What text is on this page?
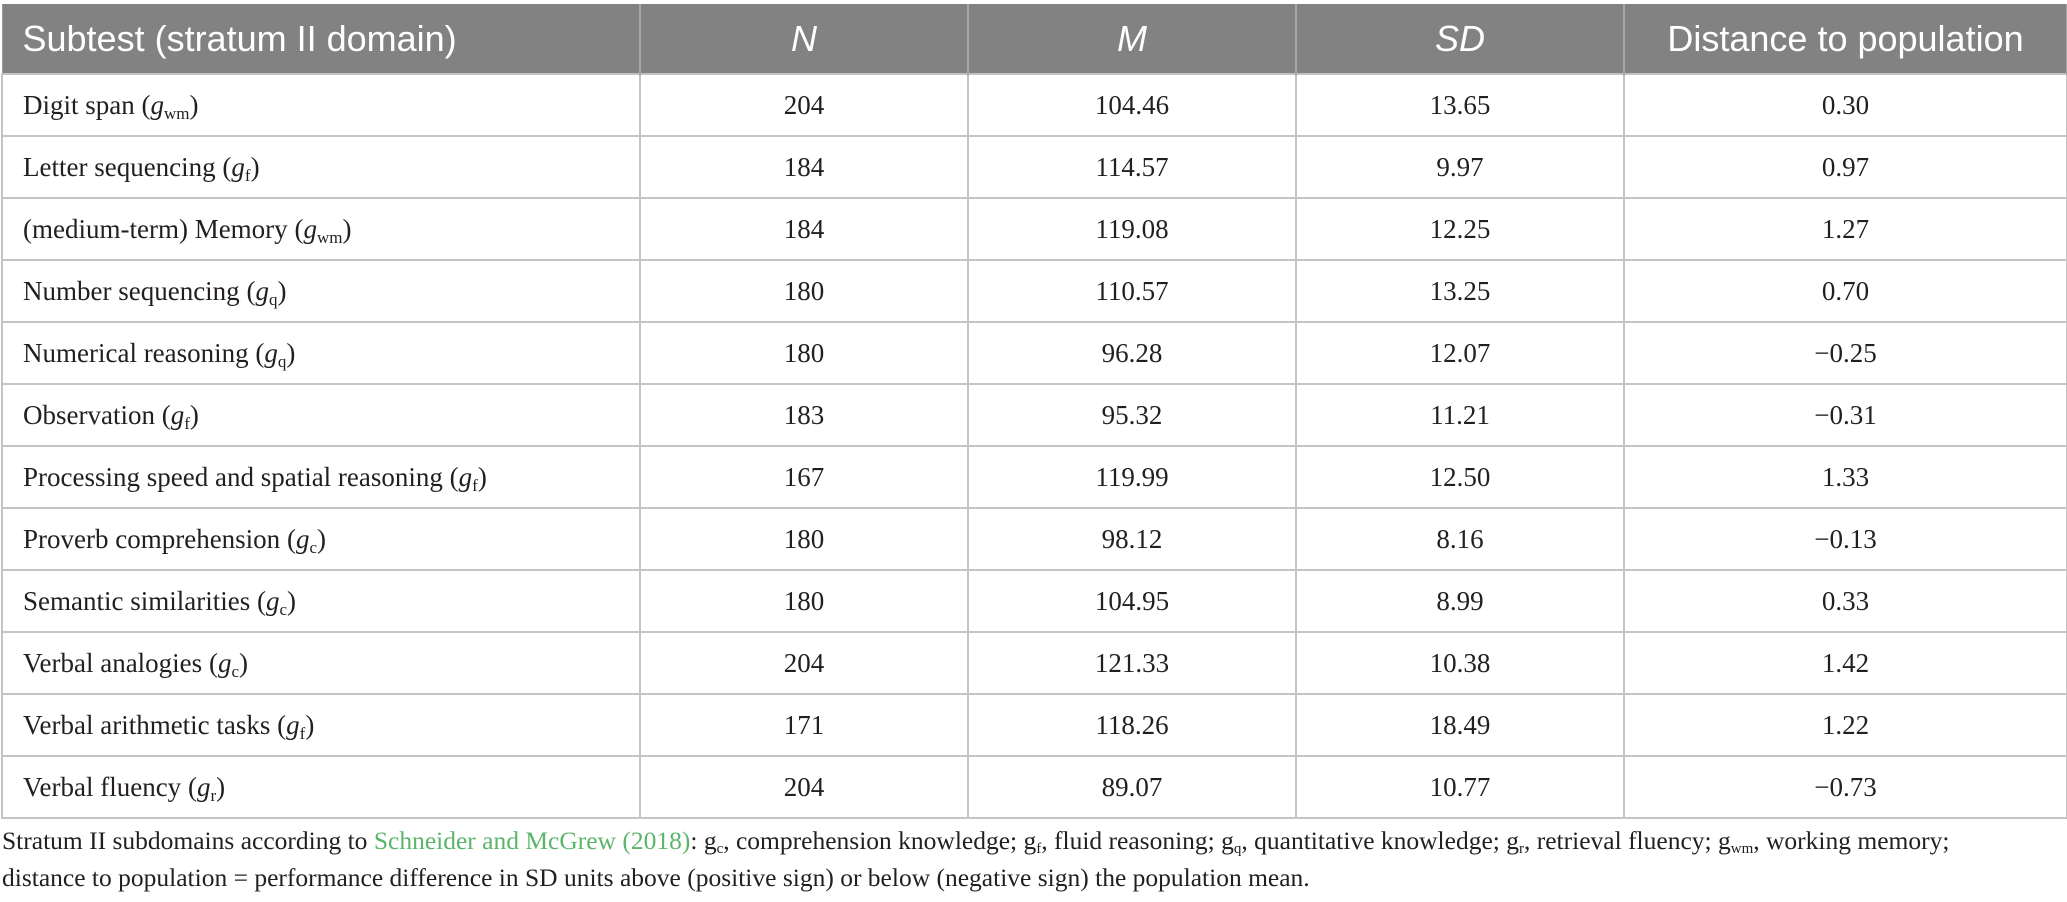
Subtest (stratum II domain)	N	M	SD	Distance to population
Digit span $(g_{wm})$	204	104.46	13.65	0.30
Letter sequencing $(g_f)$	184	114.57	9.97	0.97
(medium-term) Memory $(g_{wm})$	184	119.08	12.25	1.27
Number sequencing $(g_q)$	180	110.57	13.25	0.70
Numerical reasoning $(g_q)$	180	96.28	12.07	−0.25
Observation $(g_f)$	183	95.32	11.21	−0.31
Processing speed and spatial reasoning $(g_f)$	167	119.99	12.50	1.33
Proverb comprehension $(g_c)$	180	98.12	8.16	−0.13
Semantic similarities $(g_c)$	180	104.95	8.99	0.33
Verbal analogies $(g_c)$	204	121.33	10.38	1.42
Verbal arithmetic tasks $(g_f)$	171	118.26	18.49	1.22
Verbal fluency $(g_r)$	204	89.07	10.77	−0.73
Stratum II subdomains according to Schneider and McGrew (2018): $g_c$, comprehension knowledge; $g_f$, fluid reasoning; $g_q$, quantitative knowledge; $g_r$, retrieval fluency; $g_{wm}$, working memory;
distance to population = performance difference in SD units above (positive sign) or below (negative sign) the population mean.
